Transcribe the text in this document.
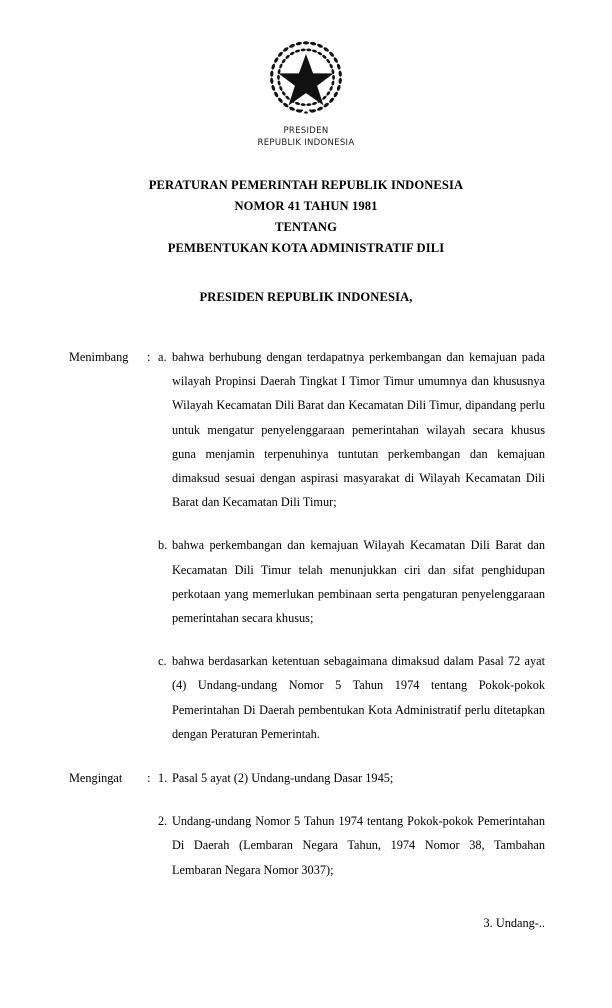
PRESIDEN
REPUBLIK INDONESIA
PERATURAN PEMERINTAH REPUBLIK INDONESIA
NOMOR 41 TAHUN 1981
TENTANG
PEMBENTUKAN KOTA ADMINISTRATIF DILI
PRESIDEN REPUBLIK INDONESIA,
Menimbang	: a. bahwa berhubung dengan terdapatnya perkembangan dan kemajuan pada wilayah Propinsi Daerah Tingkat I Timor Timur umumnya dan khususnya Wilayah Kecamatan Dili Barat dan Kecamatan Dili Timur, dipandang perlu untuk mengatur penyelenggaraan pemerintahan wilayah secara khusus guna menjamin terpenuhinya tuntutan perkembangan dan kemajuan dimaksud sesuai dengan aspirasi masyarakat di Wilayah Kecamatan Dili Barat dan Kecamatan Dili Timur;
b. bahwa perkembangan dan kemajuan Wilayah Kecamatan Dili Barat dan Kecamatan Dili Timur telah menunjukkan ciri dan sifat penghidupan perkotaan yang memerlukan pembinaan serta pengaturan penyelenggaraan pemerintahan secara khusus;
c. bahwa berdasarkan ketentuan sebagaimana dimaksud dalam Pasal 72 ayat (4) Undang-undang Nomor 5 Tahun 1974 tentang Pokok-pokok Pemerintahan Di Daerah pembentukan Kota Administratif perlu ditetapkan dengan Peraturan Pemerintah.
Mengingat	: 1. Pasal 5 ayat (2) Undang-undang Dasar 1945;
2. Undang-undang Nomor 5 Tahun 1974 tentang Pokok-pokok Pemerintahan Di Daerah (Lembaran Negara Tahun, 1974 Nomor 38, Tambahan Lembaran Negara Nomor 3037);
3. Undang-..
